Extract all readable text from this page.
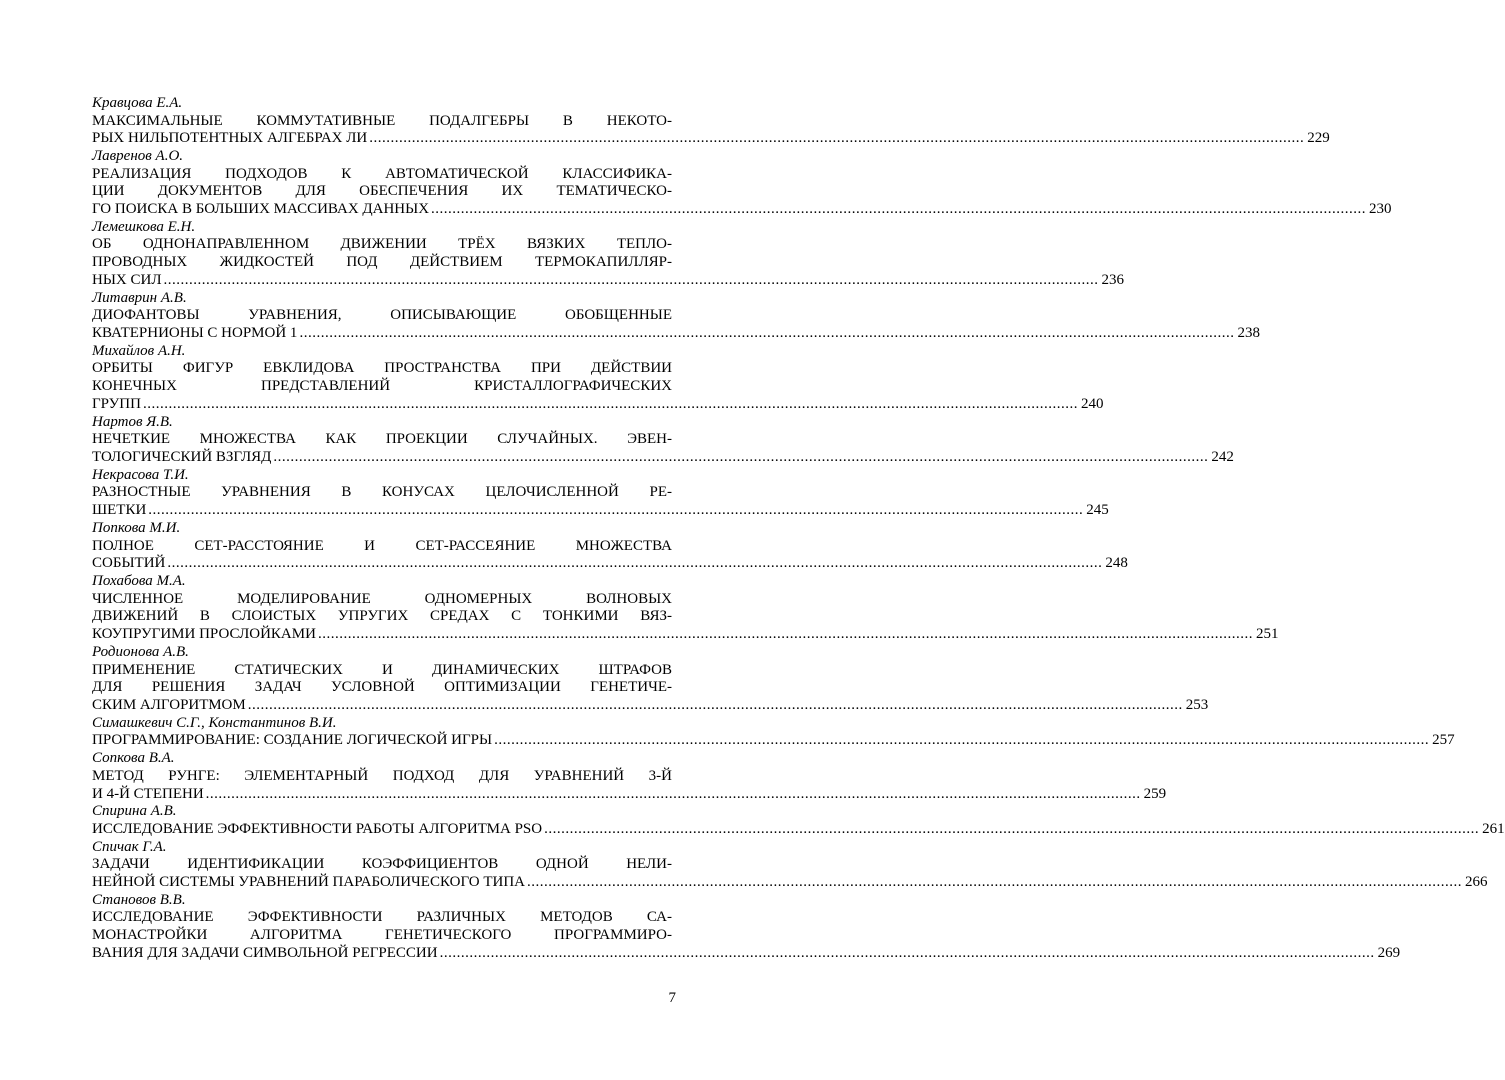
Кравцова Е.А.
МАКСИМАЛЬНЫЕ КОММУТАТИВНЫЕ ПОДАЛГЕБРЫ В НЕКОТО-
РЫХ НИЛЬПОТЕНТНЫХ АЛГЕБРАХ ЛИ ............................................................................................................................................................................................................................ 229
Лавренов А.О.
РЕАЛИЗАЦИЯ ПОДХОДОВ К АВТОМАТИЧЕСКОЙ КЛАССИФИКА-
ЦИИ ДОКУМЕНТОВ ДЛЯ ОБЕСПЕЧЕНИЯ ИХ ТЕМАТИЧЕСКО-
ГО ПОИСКА В БОЛЬШИХ МАССИВАХ ДАННЫХ ............................................................................................................................................................................................................................ 230
Лемешкова Е.Н.
ОБ ОДНОНАПРАВЛЕННОМ ДВИЖЕНИИ ТРЁХ ВЯЗКИХ ТЕПЛО-
ПРОВОДНЫХ ЖИДКОСТЕЙ ПОД ДЕЙСТВИЕМ ТЕРМОКАПИЛЛЯР-
НЫХ СИЛ ............................................................................................................................................................................................................................ 236
Литаврин А.В.
ДИОФАНТОВЫ УРАВНЕНИЯ, ОПИСЫВАЮЩИЕ ОБОБЩЕННЫЕ
КВАТЕРНИОНЫ С НОРМОЙ 1 ............................................................................................................................................................................................................................ 238
Михайлов А.Н.
ОРБИТЫ ФИГУР ЕВКЛИДОВА ПРОСТРАНСТВА ПРИ ДЕЙСТВИИ
КОНЕЧНЫХ ПРЕДСТАВЛЕНИЙ КРИСТАЛЛОГРАФИЧЕСКИХ
ГРУПП ............................................................................................................................................................................................................................ 240
Нартов Я.В.
НЕЧЕТКИЕ МНОЖЕСТВА КАК ПРОЕКЦИИ СЛУЧАЙНЫХ. ЭВЕН-
ТОЛОГИЧЕСКИЙ ВЗГЛЯД ............................................................................................................................................................................................................................ 242
Некрасова Т.И.
РАЗНОСТНЫЕ УРАВНЕНИЯ В КОНУСАХ ЦЕЛОЧИСЛЕННОЙ РЕ-
ШЕТКИ ............................................................................................................................................................................................................................ 245
Попкова М.И.
ПОЛНОЕ СЕТ-РАССТОЯНИЕ И СЕТ-РАССЕЯНИЕ МНОЖЕСТВА
СОБЫТИЙ ............................................................................................................................................................................................................................ 248
Похабова М.А.
ЧИСЛЕННОЕ МОДЕЛИРОВАНИЕ ОДНОМЕРНЫХ ВОЛНОВЫХ
ДВИЖЕНИЙ В СЛОИСТЫХ УПРУГИХ СРЕДАХ С ТОНКИМИ ВЯЗ-
КОУПРУГИМИ ПРОСЛОЙКАМИ ............................................................................................................................................................................................................................ 251
Родионова А.В.
ПРИМЕНЕНИЕ СТАТИЧЕСКИХ И ДИНАМИЧЕСКИХ ШТРАФОВ
ДЛЯ РЕШЕНИЯ ЗАДАЧ УСЛОВНОЙ ОПТИМИЗАЦИИ ГЕНЕТИЧЕ-
СКИМ АЛГОРИТМОМ ............................................................................................................................................................................................................................ 253
Симашкевич С.Г., Константинов В.И.
ПРОГРАММИРОВАНИЕ: СОЗДАНИЕ ЛОГИЧЕСКОЙ ИГРЫ ............................................................................................................................................................................................................................ 257
Сопкова В.А.
МЕТОД РУНГЕ: ЭЛЕМЕНТАРНЫЙ ПОДХОД ДЛЯ УРАВНЕНИЙ 3-Й
И 4-Й СТЕПЕНИ ............................................................................................................................................................................................................................ 259
Спирина А.В.
ИССЛЕДОВАНИЕ ЭФФЕКТИВНОСТИ РАБОТЫ АЛГОРИТМА PSO ............................................................................................................................................................................................................................ 261
Спичак Г.А.
ЗАДАЧИ ИДЕНТИФИКАЦИИ КОЭФФИЦИЕНТОВ ОДНОЙ НЕЛИ-
НЕЙНОЙ СИСТЕМЫ УРАВНЕНИЙ ПАРАБОЛИЧЕСКОГО ТИПА ............................................................................................................................................................................................................................ 266
Становов В.В.
ИССЛЕДОВАНИЕ ЭФФЕКТИВНОСТИ РАЗЛИЧНЫХ МЕТОДОВ СА-
МОНАСТРОЙКИ АЛГОРИТМА ГЕНЕТИЧЕСКОГО ПРОГРАММИРО-
ВАНИЯ ДЛЯ ЗАДАЧИ СИМВОЛЬНОЙ РЕГРЕССИИ ............................................................................................................................................................................................................................ 269
7
